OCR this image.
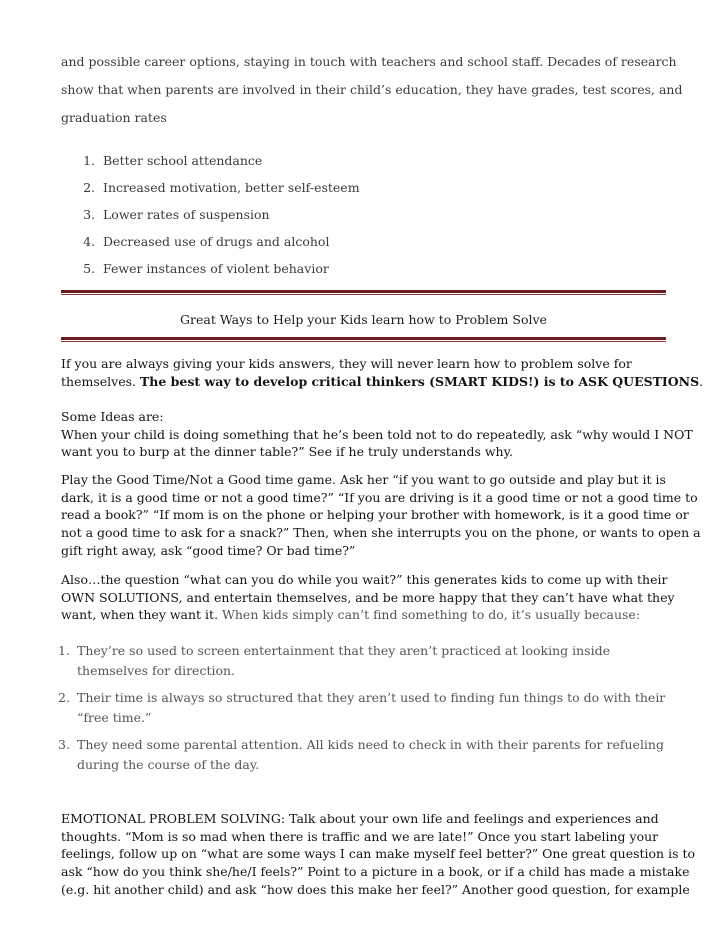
and possible career options, staying in touch with teachers and school staff. Decades of research

show that when parents are involved in their child’s education, they have grades, test scores, and

graduation rates

1. Better school attendance
2. Increased motivation, better self-esteem
3. Lower rates of suspension
4. Decreased use of drugs and alcohol
5. Fewer instances of violent behavior
Great Ways to Help your Kids learn how to Problem Solve

If you are always giving your kids answers, they will never learn how to problem solve for

themselves. The best way to develop critical thinkers (SMART KIDS!) is to ASK QUESTIONS.

Some Ideas are:

When your child is doing something that he’s been told not to do repeatedly, ask “why would I NOT

want you to burp at the dinner table?” See if he truly understands why.

Play the Good Time/Not a Good time game. Ask her “if you want to go outside and play but it is

dark, it is a good time or not a good time?” “If you are driving is it a good time or not a good time to

read a book?” “If mom is on the phone or helping your brother with homework, is it a good time or

not a good time to ask for a snack?” Then, when she interrupts you on the phone, or wants to open a

gift right away, ask “good time? Or bad time?”

Also…the question “what can you do while you wait?” this generates kids to come up with their

OWN SOLUTIONS, and entertain themselves, and be more happy that they can’t have what they

want, when they want it. When kids simply can’t find something to do, it’s usually because:

1. They’re so used to screen entertainment that they aren’t practiced at looking inside

themselves for direction.

2. Their time is always so structured that they aren’t used to finding fun things to do with their

“free time.”

3. They need some parental attention. All kids need to check in with their parents for refueling

during the course of the day.

EMOTIONAL PROBLEM SOLVING: Talk about your own life and feelings and experiences and

thoughts. “Mom is so mad when there is traffic and we are late!” Once you start labeling your

feelings, follow up on “what are some ways I can make myself feel better?” One great question is to

ask “how do you think she/he/I feels?” Point to a picture in a book, or if a child has made a mistake

(e.g. hit another child) and ask “how does this make her feel?” Another good question, for example
